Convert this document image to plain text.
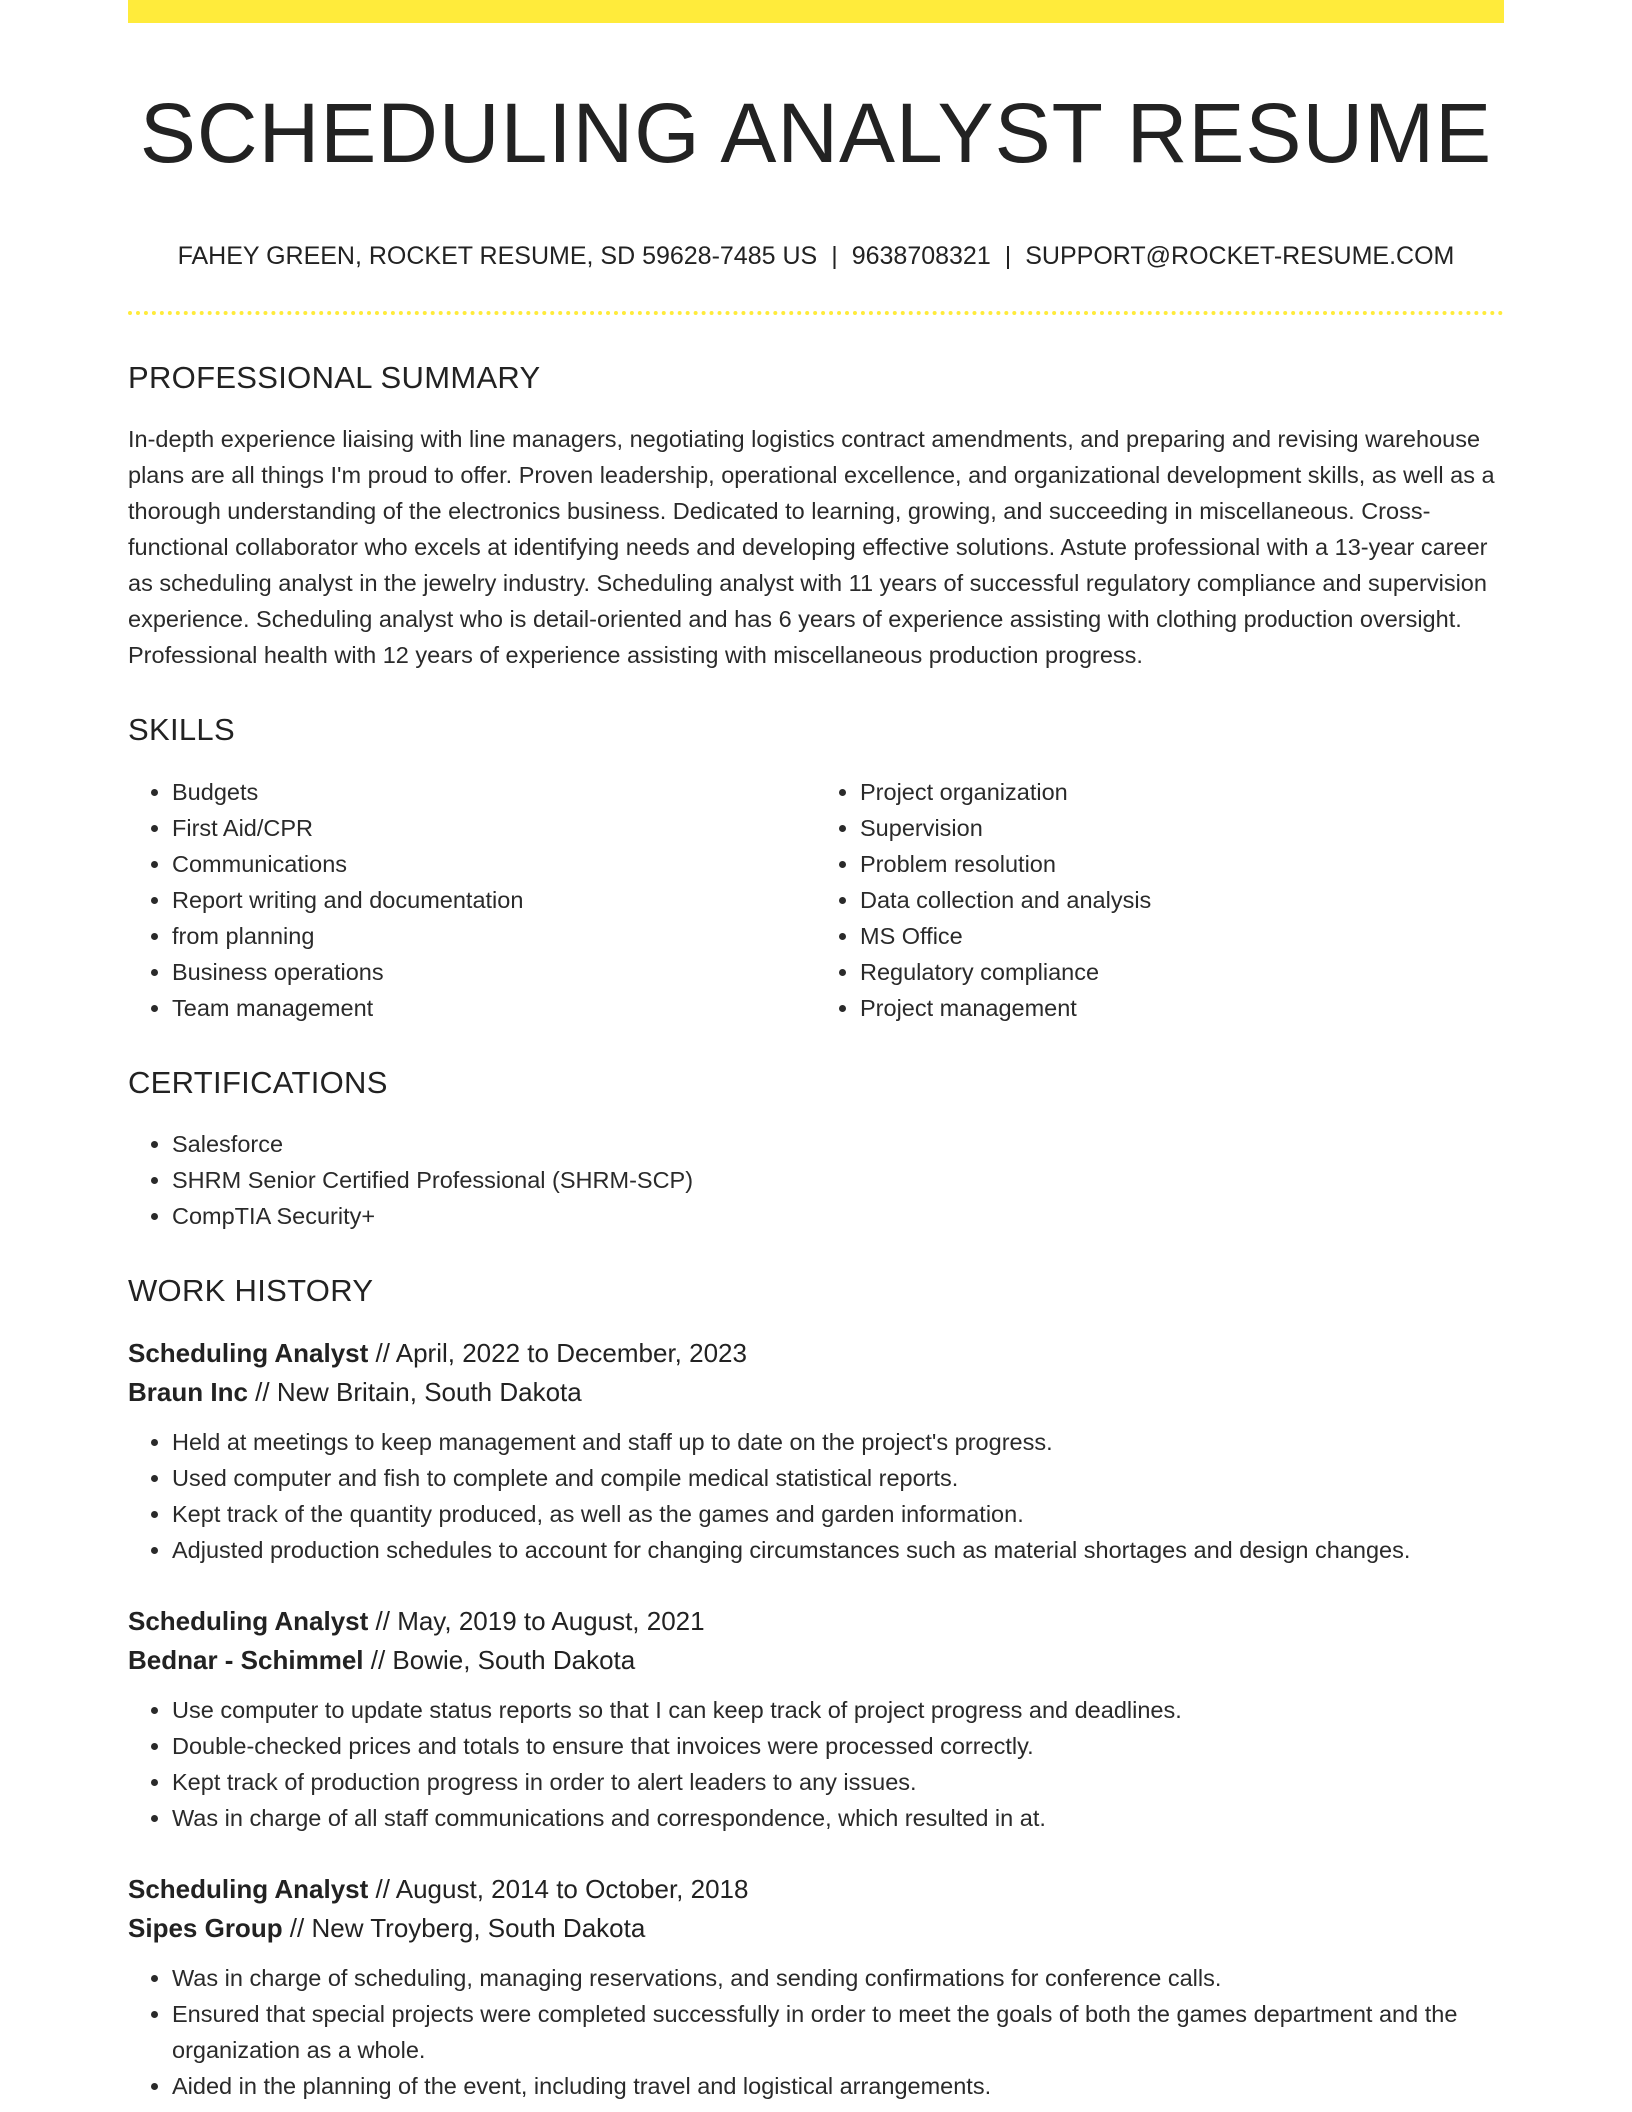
SCHEDULING ANALYST RESUME
FAHEY GREEN, ROCKET RESUME, SD 59628-7485 US | 9638708321 | SUPPORT@ROCKET-RESUME.COM
PROFESSIONAL SUMMARY

In-depth experience liaising with line managers, negotiating logistics contract amendments, and preparing and revising warehouse plans are all things I'm proud to offer. Proven leadership, operational excellence, and organizational development skills, as well as a thorough understanding of the electronics business. Dedicated to learning, growing, and succeeding in miscellaneous. Cross-functional collaborator who excels at identifying needs and developing effective solutions. Astute professional with a 13-year career as scheduling analyst in the jewelry industry. Scheduling analyst with 11 years of successful regulatory compliance and supervision experience. Scheduling analyst who is detail-oriented and has 6 years of experience assisting with clothing production oversight. Professional health with 12 years of experience assisting with miscellaneous production progress.

SKILLS
• Budgets
• First Aid/CPR
• Communications
• Report writing and documentation
• from planning
• Business operations
• Team management
• Project organization
• Supervision
• Problem resolution
• Data collection and analysis
• MS Office
• Regulatory compliance
• Project management
CERTIFICATIONS
• Salesforce
• SHRM Senior Certified Professional (SHRM-SCP)
• CompTIA Security+
WORK HISTORY
Scheduling Analyst // April, 2022 to December, 2023
Braun Inc // New Britain, South Dakota
• Held at meetings to keep management and staff up to date on the project's progress.
• Used computer and fish to complete and compile medical statistical reports.
• Kept track of the quantity produced, as well as the games and garden information.
• Adjusted production schedules to account for changing circumstances such as material shortages and design changes.
Scheduling Analyst // May, 2019 to August, 2021
Bednar - Schimmel // Bowie, South Dakota
• Use computer to update status reports so that I can keep track of project progress and deadlines.
• Double-checked prices and totals to ensure that invoices were processed correctly.
• Kept track of production progress in order to alert leaders to any issues.
• Was in charge of all staff communications and correspondence, which resulted in at.
Scheduling Analyst // August, 2014 to October, 2018
Sipes Group // New Troyberg, South Dakota
• Was in charge of scheduling, managing reservations, and sending confirmations for conference calls.
• Ensured that special projects were completed successfully in order to meet the goals of both the games department and the organization as a whole.
• Aided in the planning of the event, including travel and logistical arrangements.
